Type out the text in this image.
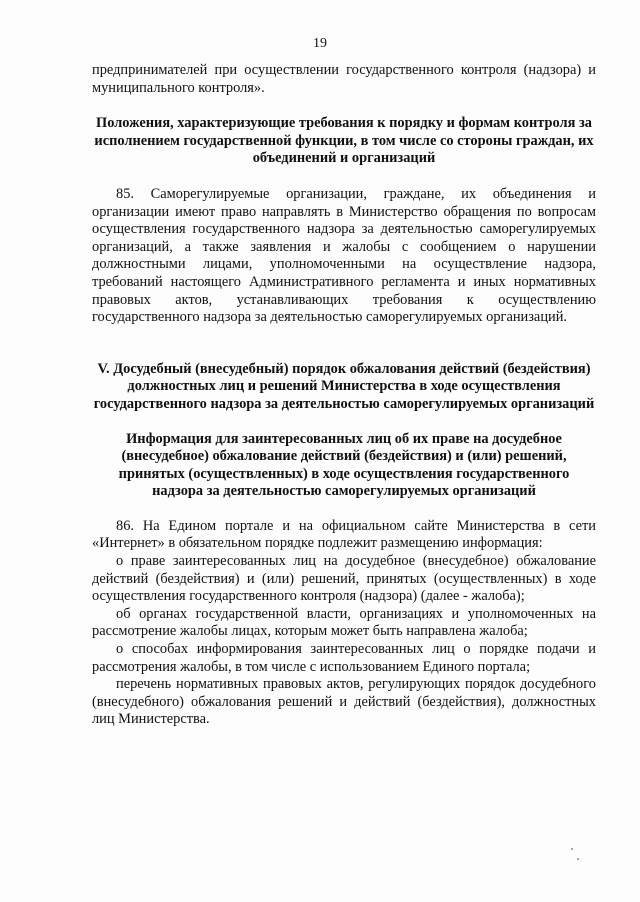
19

предпринимателей при осуществлении государственного контроля (надзора) и муниципального контроля».

Положения, характеризующие требования к порядку и формам контроля за исполнением государственной функции, в том числе со стороны граждан, их объединений и организаций

85. Саморегулируемые организации, граждане, их объединения и организации имеют право направлять в Министерство обращения по вопросам осуществления государственного надзора за деятельностью саморегулируемых организаций, а также заявления и жалобы с сообщением о нарушении должностными лицами, уполномоченными на осуществление надзора, требований настоящего Административного регламента и иных нормативных правовых актов, устанавливающих требования к осуществлению государственного надзора за деятельностью саморегулируемых организаций.

V. Досудебный (внесудебный) порядок обжалования действий (бездействия) должностных лиц и решений Министерства в ходе осуществления государственного надзора за деятельностью саморегулируемых организаций

Информация для заинтересованных лиц об их праве на досудебное (внесудебное) обжалование действий (бездействия) и (или) решений, принятых (осуществленных) в ходе осуществления государственного надзора за деятельностью саморегулируемых организаций

86. На Едином портале и на официальном сайте Министерства в сети «Интернет» в обязательном порядке подлежит размещению информация:

о праве заинтересованных лиц на досудебное (внесудебное) обжалование действий (бездействия) и (или) решений, принятых (осуществленных) в ходе осуществления государственного контроля (надзора) (далее - жалоба);

об органах государственной власти, организациях и уполномоченных на рассмотрение жалобы лицах, которым может быть направлена жалоба;

о способах информирования заинтересованных лиц о порядке подачи и рассмотрения жалобы, в том числе с использованием Единого портала;

перечень нормативных правовых актов, регулирующих порядок досудебного (внесудебного) обжалования решений и действий (бездействия), должностных лиц Министерства.
